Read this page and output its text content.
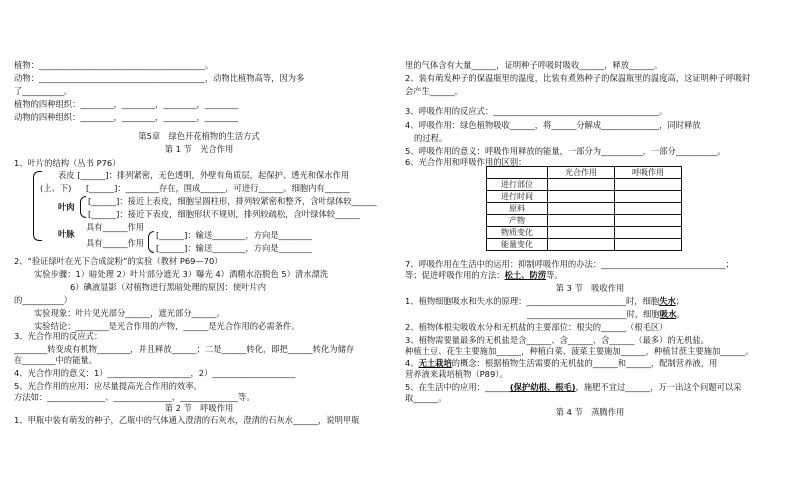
植物：________________________________________。
动物：________________________________________，动物比植物高等，因为多
了__________。
植物的四种组织：________，________，________，________
动物的四种组织：________，________，________，________
第5章　绿色开花植物的生活方式
第 1 节　光合作用
1、叶片的结构（丛书 P76）
表皮 [______]：排列紧密，无色透明，外壁有角质层，起保护、透光和保水作用
(上、下) [______]：________存在，围成______，可进行______。细胞内有______
叶肉
[______]：接近上表皮，细胞呈圆柱形，排列较紧密和整齐，含叶绿体较______
[______]：接近下表皮，细胞形状不规则，排列较疏松，含叶绿体较______
具有______作用
叶脉
具有______作用
[______]：输送________，方向是________
[______]：输送________，方向是________
2、“验证绿叶在光下合成淀粉”的实验（教材 P69—70）
实验步骤：1）暗处理 2）叶片部分遮光 3）曝光 4）酒精水浴脱色 5）清水漂洗
6）碘液显影（对植物进行黑暗处理的原因：使叶片内
的__________）
实验现象：叶片见光部分______，遮光部分______。
实验结论：________是光合作用的产物，______是光合作用的必需条件。
3、光合作用的反应式：
________转变成有机物________，并且释放______；二是______转化，即把______转化为储存
在________中的能量。
4、光合作用的意义：1）____________________，2）____________________
5、光合作用的应用：应尽量提高光合作用的效率。
方法如：______________、______________、______________等。
第 2 节　呼吸作用
1、甲瓶中装有萌发的种子，乙瓶中的气体通入澄清的石灰水，澄清的石灰水______，说明甲瓶
里的气体含有大量______，证明种子呼吸时吸收______，释放______。
2、装有萌发种子的保温瓶里的温度，比装有煮熟种子的保温瓶里的温度高，这证明种子呼吸时
会产生______。
3、呼吸作用的反应式：________________________________________。
4、呼吸作用：绿色植物吸收______，将______分解成______________，同时释放
的过程。
5、呼吸作用的意义：呼吸作用释放的能量，一部分为__________，一部分__________。
6、光合作用和呼吸作用的区别：
	光合作用	呼吸作用
进行部位		
进行时间		
原料		
产物		
物质变化		
能量变化		
7、呼吸作用在生活中的运用：抑制呼吸作用的办法：______________________________；
等；促进呼吸作用的方法：松土、防涝等。
第 3 节　吸收作用
1、植物细胞吸水和失水的原理：________________________时，细胞失水；
________________________时，细胞吸水。
2、植物体根尖吸收水分和无机盐的主要部位：根尖的______（根毛区）
3、植物需要量最多的无机盐是含______、含______、含______（最多）的无机盐。
种植土豆、花生主要施加______，种植白菜、菠菜主要施加______，种植甘蔗主要施加______。
4、无土栽培的概念：根据植物生活需要的无机盐的______和______，配制营养液，用
营养液来栽培植物（P89）。
5、在生活中的应用：______(保护幼根、根毛)，施肥不宜过______，万一出这个问题可以采
取______。
第 4 节　蒸腾作用
